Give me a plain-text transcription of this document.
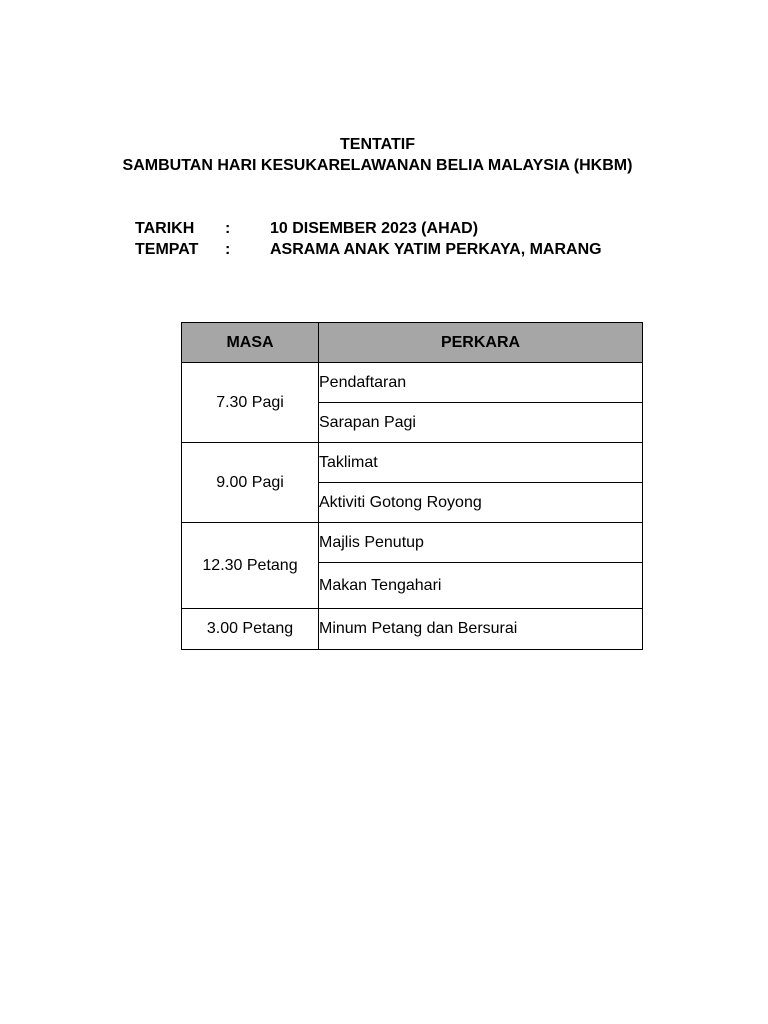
TENTATIF
SAMBUTAN HARI KESUKARELAWANAN BELIA MALAYSIA (HKBM)
TARIKH : 10 DISEMBER 2023 (AHAD)
TEMPAT : ASRAMA ANAK YATIM PERKAYA, MARANG
MASA	PERKARA
7.30 Pagi	Pendaftaran
	Sarapan Pagi
9.00 Pagi	Taklimat
	Aktiviti Gotong Royong
12.30 Petang	Majlis Penutup
	Makan Tengahari
3.00 Petang	Minum Petang dan Bersurai
